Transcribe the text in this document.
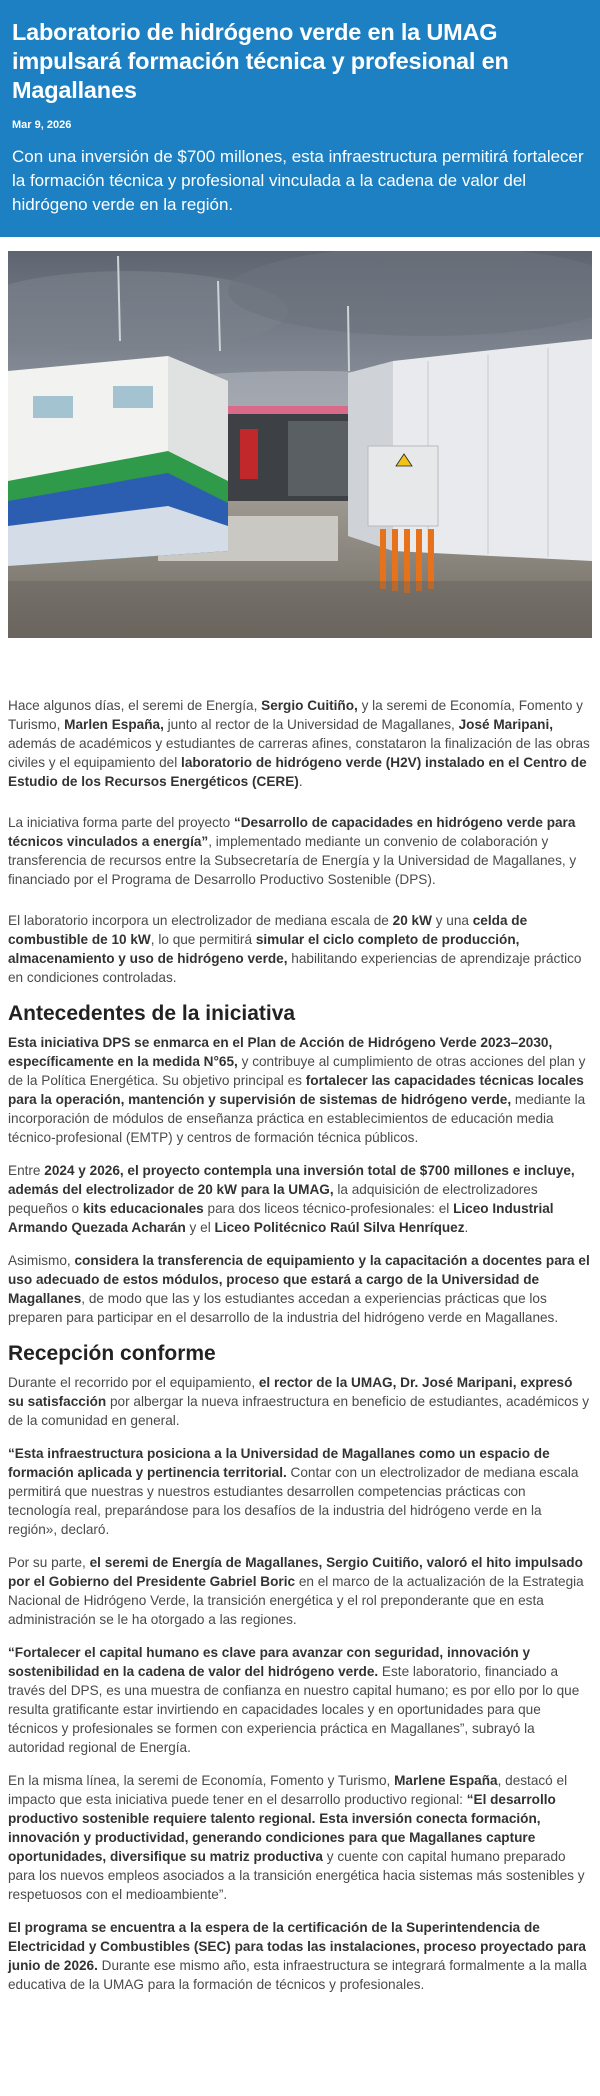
Laboratorio de hidrógeno verde en la UMAG impulsará formación técnica y profesional en Magallanes
Mar 9, 2026
Con una inversión de $700 millones, esta infraestructura permitirá fortalecer la formación técnica y profesional vinculada a la cadena de valor del hidrógeno verde en la región.

Hace algunos días, el seremi de Energía, Sergio Cuitiño, y la seremi de Economía, Fomento y Turismo, Marlen España, junto al rector de la Universidad de Magallanes, José Maripani, además de académicos y estudiantes de carreras afines, constataron la finalización de las obras civiles y el equipamiento del laboratorio de hidrógeno verde (H2V) instalado en el Centro de Estudio de los Recursos Energéticos (CERE).

La iniciativa forma parte del proyecto “Desarrollo de capacidades en hidrógeno verde para técnicos vinculados a energía”, implementado mediante un convenio de colaboración y transferencia de recursos entre la Subsecretaría de Energía y la Universidad de Magallanes, y financiado por el Programa de Desarrollo Productivo Sostenible (DPS).

El laboratorio incorpora un electrolizador de mediana escala de 20 kW y una celda de combustible de 10 kW, lo que permitirá simular el ciclo completo de producción, almacenamiento y uso de hidrógeno verde, habilitando experiencias de aprendizaje práctico en condiciones controladas.

Antecedentes de la iniciativa

Esta iniciativa DPS se enmarca en el Plan de Acción de Hidrógeno Verde 2023–2030, específicamente en la medida N°65, y contribuye al cumplimiento de otras acciones del plan y de la Política Energética. Su objetivo principal es fortalecer las capacidades técnicas locales para la operación, mantención y supervisión de sistemas de hidrógeno verde, mediante la incorporación de módulos de enseñanza práctica en establecimientos de educación media técnico-profesional (EMTP) y centros de formación técnica públicos.

Entre 2024 y 2026, el proyecto contempla una inversión total de $700 millones e incluye, además del electrolizador de 20 kW para la UMAG, la adquisición de electrolizadores pequeños o kits educacionales para dos liceos técnico-profesionales: el Liceo Industrial Armando Quezada Acharán y el Liceo Politécnico Raúl Silva Henríquez.

Asimismo, considera la transferencia de equipamiento y la capacitación a docentes para el uso adecuado de estos módulos, proceso que estará a cargo de la Universidad de Magallanes, de modo que las y los estudiantes accedan a experiencias prácticas que los preparen para participar en el desarrollo de la industria del hidrógeno verde en Magallanes.

Recepción conforme

Durante el recorrido por el equipamiento, el rector de la UMAG, Dr. José Maripani, expresó su satisfacción por albergar la nueva infraestructura en beneficio de estudiantes, académicos y de la comunidad en general.

“Esta infraestructura posiciona a la Universidad de Magallanes como un espacio de formación aplicada y pertinencia territorial. Contar con un electrolizador de mediana escala permitirá que nuestras y nuestros estudiantes desarrollen competencias prácticas con tecnología real, preparándose para los desafíos de la industria del hidrógeno verde en la región», declaró.

Por su parte, el seremi de Energía de Magallanes, Sergio Cuitiño, valoró el hito impulsado por el Gobierno del Presidente Gabriel Boric en el marco de la actualización de la Estrategia Nacional de Hidrógeno Verde, la transición energética y el rol preponderante que en esta administración se le ha otorgado a las regiones.

“Fortalecer el capital humano es clave para avanzar con seguridad, innovación y sostenibilidad en la cadena de valor del hidrógeno verde. Este laboratorio, financiado a través del DPS, es una muestra de confianza en nuestro capital humano; es por ello por lo que resulta gratificante estar invirtiendo en capacidades locales y en oportunidades para que técnicos y profesionales se formen con experiencia práctica en Magallanes”, subrayó la autoridad regional de Energía.

En la misma línea, la seremi de Economía, Fomento y Turismo, Marlene España, destacó el impacto que esta iniciativa puede tener en el desarrollo productivo regional: “El desarrollo productivo sostenible requiere talento regional. Esta inversión conecta formación, innovación y productividad, generando condiciones para que Magallanes capture oportunidades, diversifique su matriz productiva y cuente con capital humano preparado para los nuevos empleos asociados a la transición energética hacia sistemas más sostenibles y respetuosos con el medioambiente”.

El programa se encuentra a la espera de la certificación de la Superintendencia de Electricidad y Combustibles (SEC) para todas las instalaciones, proceso proyectado para junio de 2026. Durante ese mismo año, esta infraestructura se integrará formalmente a la malla educativa de la UMAG para la formación de técnicos y profesionales.
